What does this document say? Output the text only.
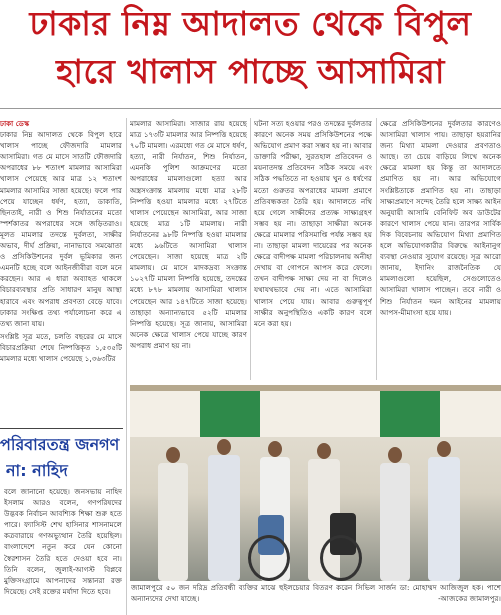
ঢাকার নিম্ন আদালত থেকে বিপুল
হারে খালাস পাচ্ছে আসামিরা

ঢাকা ডেস্ক

ঢাকার নিম্ন আদালত থেকে বিপুল হারে খালাস পাচ্ছে ফৌজদারি মামলার আসামিরা। গত মে মাসে সাতটি ফৌজদারি অপরাধের ৮৮ শতাংশ মামলার আসামিরা খালাস পেয়েছে আর মাত্র ১২ শতাংশ মামলার আসামির সাজা হয়েছে। ফলে পার পেয়ে যাচ্ছেন ধর্ষণ, হত্যা, ডাকাতি, ছিনতাই, নারী ও শিশু নির্যাতনের মতো স্পর্শকাতর অপরাধের সঙ্গে জড়িতরাও। মূলত মামলার তদন্তে দুর্বলতা, সাক্ষীর অভাব, দীর্ঘ প্রক্রিয়া, নানাভাবে সমঝোতা ও প্রসিকিউশনের দুর্বল ভূমিকার জন্য এমনটি হচ্ছে বলে আইনজীবীরা বলে মনে করছেন। আর এ ধারা অব্যাহত থাকলে বিচারব্যবস্থার প্রতি সাধারণ মানুষ আস্থা হারাবে এবং অপরাধ প্রবণতা বেড়ে যাবে। ঢাকার সংক্ষিপ্ত তথ্য পর্যালোচনা করে এ তথ্য জানা যায়।

সংশ্লিষ্ট সূত্র মতে, চলতি বছরের মে মাসে বিচারপ্রক্রিয়া শেষে নিষ্পত্তিকৃত ১,৫৩৫টি মামলার মধ্যে খালাস পেয়েছে ১,৩৬৩টির

মামলার আসামিরা। সাজার রায় হয়েছে মাত্র ১৭৩টি মামলার আর নিষ্পত্তি হয়েছে ৭০টি মামলা। এরমধ্যে গত মে মাসে ধর্ষণ, হত্যা, নারী নির্যাতন, শিশু নির্যাতন, এমনকি পুলিশ আক্রমণের মতো অপরাধের মামলাগুলো হত্যা আর অস্ত্রসংক্রান্ত মামলায় মধ্যে মাত্র ২৮টি নিষ্পত্তি হওয়া মামলার মধ্যে ২৭টিতে খালাস পেয়েছেন আসামিরা, আর সাজা হয়েছে মাত্র ১টি মামলায়। নারী নির্যাতনের ৯৮টি নিষ্পত্তি হওয়া মামলার মধ্যে ৯৬টিতে আসামিরা খালাস পেয়েছেন। সাজা হয়েছে মাত্র ২টি মামলায়। মে মাসে মাদকদ্রব্য সংক্রান্ত ১০২৭টি মামলা নিষ্পত্তি হয়েছে, তদন্তের মধ্যে ৮৭৮ মামলায় আসামিরা খালাস পেয়েছেন আর ১৪৭টিতে সাজা হয়েছে। তাছাড়া অন্যান্যভাবে ৫২টি মামলার নিষ্পত্তি হয়েছে। সূত্র জানায়, আসামিরা অনেক ক্ষেত্রে খালাস পেয়ে যাচ্ছে কারণ অপরাধ প্রমাণ হয় না।

ঘটনা সত্য হওয়ার পরও তদন্তের দুর্বলতার কারণে অনেক সময় প্রসিকিউশনের পক্ষে অভিযোগ প্রমাণ করা সম্ভব হয় না। আবার ডাক্তারি পরীক্ষা, সুরতহাল প্রতিবেদন ও ময়নাতদন্ত প্রতিবেদন সঠিক সময়ে এবং সঠিক পদ্ধতিতে না হওয়ায় খুন ও ধর্ষণের মতো গুরুতর অপরাধের মামলা প্রমাণে প্রতিবন্ধকতা তৈরি হয়। আদালতে নথি হয়ে গেলে সাক্ষীদের প্রত্যক্ষ সাক্ষ্যগ্রহণ সম্ভব হয় না। তাছাড়া সাক্ষীরা অনেক ক্ষেত্রে মামলার পরিসমাপ্তি পর্যন্ত সম্ভব হয় না। তাছাড়া মামলা দায়েরের পর অনেক ক্ষেত্রে বাদীপক্ষ মামলা পরিচালনায় অনীহা দেখায় বা গোপনে আপস করে ফেলে। তখন বাদীপক্ষ সাক্ষ্য দেয় না বা দিলেও যথাযথভাবে দেয় না। এতে আসামিরা খালাস পেয়ে যায়। আবার গুরুত্বপূর্ণ সাক্ষীর অনুপস্থিতিও একটি কারণ বলে মনে করা হয়।

ক্ষেত্রে প্রসিকিউশনের দুর্বলতার কারণেও আসামিরা খালাস পায়। তাছাড়া হয়রানির জন্য মিথ্যা মামলা দেওয়ার প্রবণতাও আছে। তা চেয়ে বাড়িয়ে লিখে অনেক ক্ষেত্রে মামলা হয় কিন্তু তা আদালতে প্রমাণিত হয় না। আর অভিযোগে সংশ্লিষ্টতাকে প্রমাণিত হয় না। তাছাড়া সাক্ষ্যপ্রমাণে সন্দেহ তৈরি হলে সাক্ষ্য আইন অনুযায়ী আসামি বেনিফিট অব ডাউটের কারণে খালাস পেয়ে যান। তারপর সার্বিক দিক বিবেচনায় অভিযোগ মিথ্যা প্রমাণিত হলে অভিযোগকারীর বিরুদ্ধে আইনানুগ ব্যবস্থা নেওয়ার সুযোগ রয়েছে। সূত্র আরো জানায়, ইদানিং রাজনৈতিক যে মামলাগুলো হয়েছিল, সেগুলোতেও আসামিরা খালাস পাচ্ছেন। তবে নারী ও শিশু নির্যাতন দমন আইনের মামলায় আপস-মীমাংসা হয়ে যায়।

পরিবারতন্ত্র জনগণ
না: নাহিদ
বলে জানানো হয়েছে। জনসভায় নাহিদ ইসলাম আরও বলেন, গণপরিষদের উদ্ভবক নির্বাচন আবশ্যিক শিক্ষা শুরু হতে পারে। ফ্যাসিস্ট শেখ হাসিনার শাসনামলে কত্রবারায়ে গণঅভ্যুত্থান তৈরি হয়েছিল। বাংলাদেশে নতুন করে যেন কোনো স্বৈরশাসন তৈরি হতে দেওয়া হবে না। তিনি বলেন, জুলাই-আগস্ট বিপ্লবে মুক্তিসংগ্রামে আপনাদের সন্তানরা রক্ত দিয়েছে। সেই রক্তের মর্যাদা দিতে হবে।	জামালপুরে ৫০ জন দরিদ্র প্রতিবন্ধী ব্যক্তির মাঝে হুইলচেয়ার বিতরণ করেন সিভিল সার্জন ডা: মোহাম্মদ আজিজুল হক। পাশে অন্যান্যদের দেখা যাচ্ছে।	-আজকের জামালপুর।
